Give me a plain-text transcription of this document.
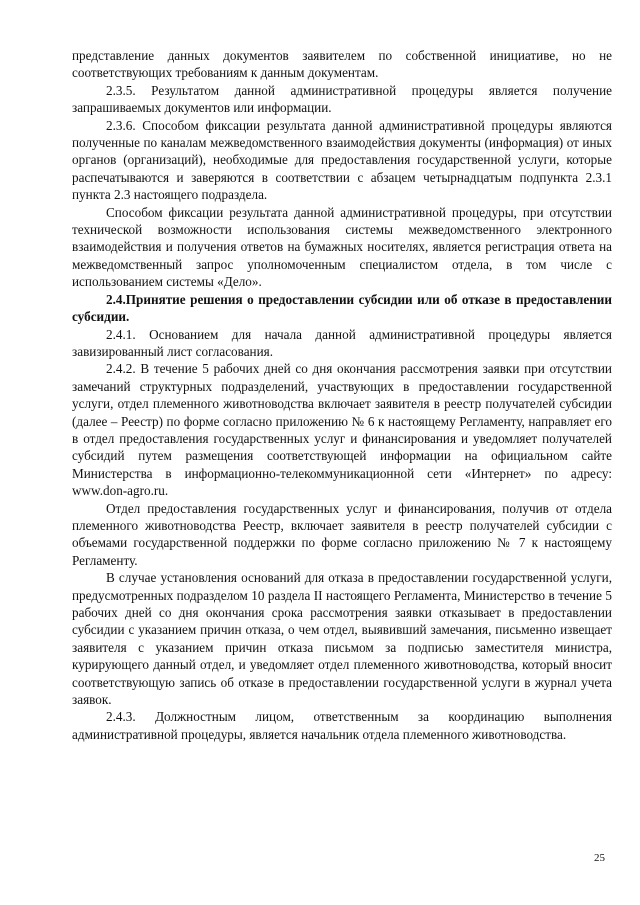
представление данных документов заявителем по собственной инициативе, но не соответствующих требованиям к данным документам.

2.3.5. Результатом данной административной процедуры является получение запрашиваемых документов или информации.

2.3.6. Способом фиксации результата данной административной процедуры являются полученные по каналам межведомственного взаимодействия документы (информация) от иных органов (организаций), необходимые для предоставления государственной услуги, которые распечатываются и заверяются в соответствии с абзацем четырнадцатым подпункта 2.3.1 пункта 2.3 настоящего подраздела.

Способом фиксации результата данной административной процедуры, при отсутствии технической возможности использования системы межведомственного электронного взаимодействия и получения ответов на бумажных носителях, является регистрация ответа на межведомственный запрос уполномоченным специалистом отдела, в том числе с использованием системы «Дело».

2.4.Принятие решения о предоставлении субсидии или об отказе в предоставлении субсидии.

2.4.1. Основанием для начала данной административной процедуры является завизированный лист согласования.

2.4.2. В течение 5 рабочих дней со дня окончания рассмотрения заявки при отсутствии замечаний структурных подразделений, участвующих в предоставлении государственной услуги, отдел племенного животноводства включает заявителя в реестр получателей субсидии (далее – Реестр) по форме согласно приложению № 6 к настоящему Регламенту, направляет его в отдел предоставления государственных услуг и финансирования и уведомляет получателей субсидий путем размещения соответствующей информации на официальном сайте Министерства в информационно-телекоммуникационной сети «Интернет» по адресу: www.don-agro.ru.

Отдел предоставления государственных услуг и финансирования, получив от отдела племенного животноводства Реестр, включает заявителя в реестр получателей субсидии с объемами государственной поддержки по форме согласно приложению № 7 к настоящему Регламенту.

В случае установления оснований для отказа в предоставлении государственной услуги, предусмотренных подразделом 10 раздела II настоящего Регламента, Министерство в течение 5 рабочих дней со дня окончания срока рассмотрения заявки отказывает в предоставлении субсидии с указанием причин отказа, о чем отдел, выявивший замечания, письменно извещает заявителя с указанием причин отказа письмом за подписью заместителя министра, курирующего данный отдел, и уведомляет отдел племенного животноводства, который вносит соответствующую запись об отказе в предоставлении государственной услуги в журнал учета заявок.

2.4.3. Должностным лицом, ответственным за координацию выполнения административной процедуры, является начальник отдела племенного животноводства.

25
